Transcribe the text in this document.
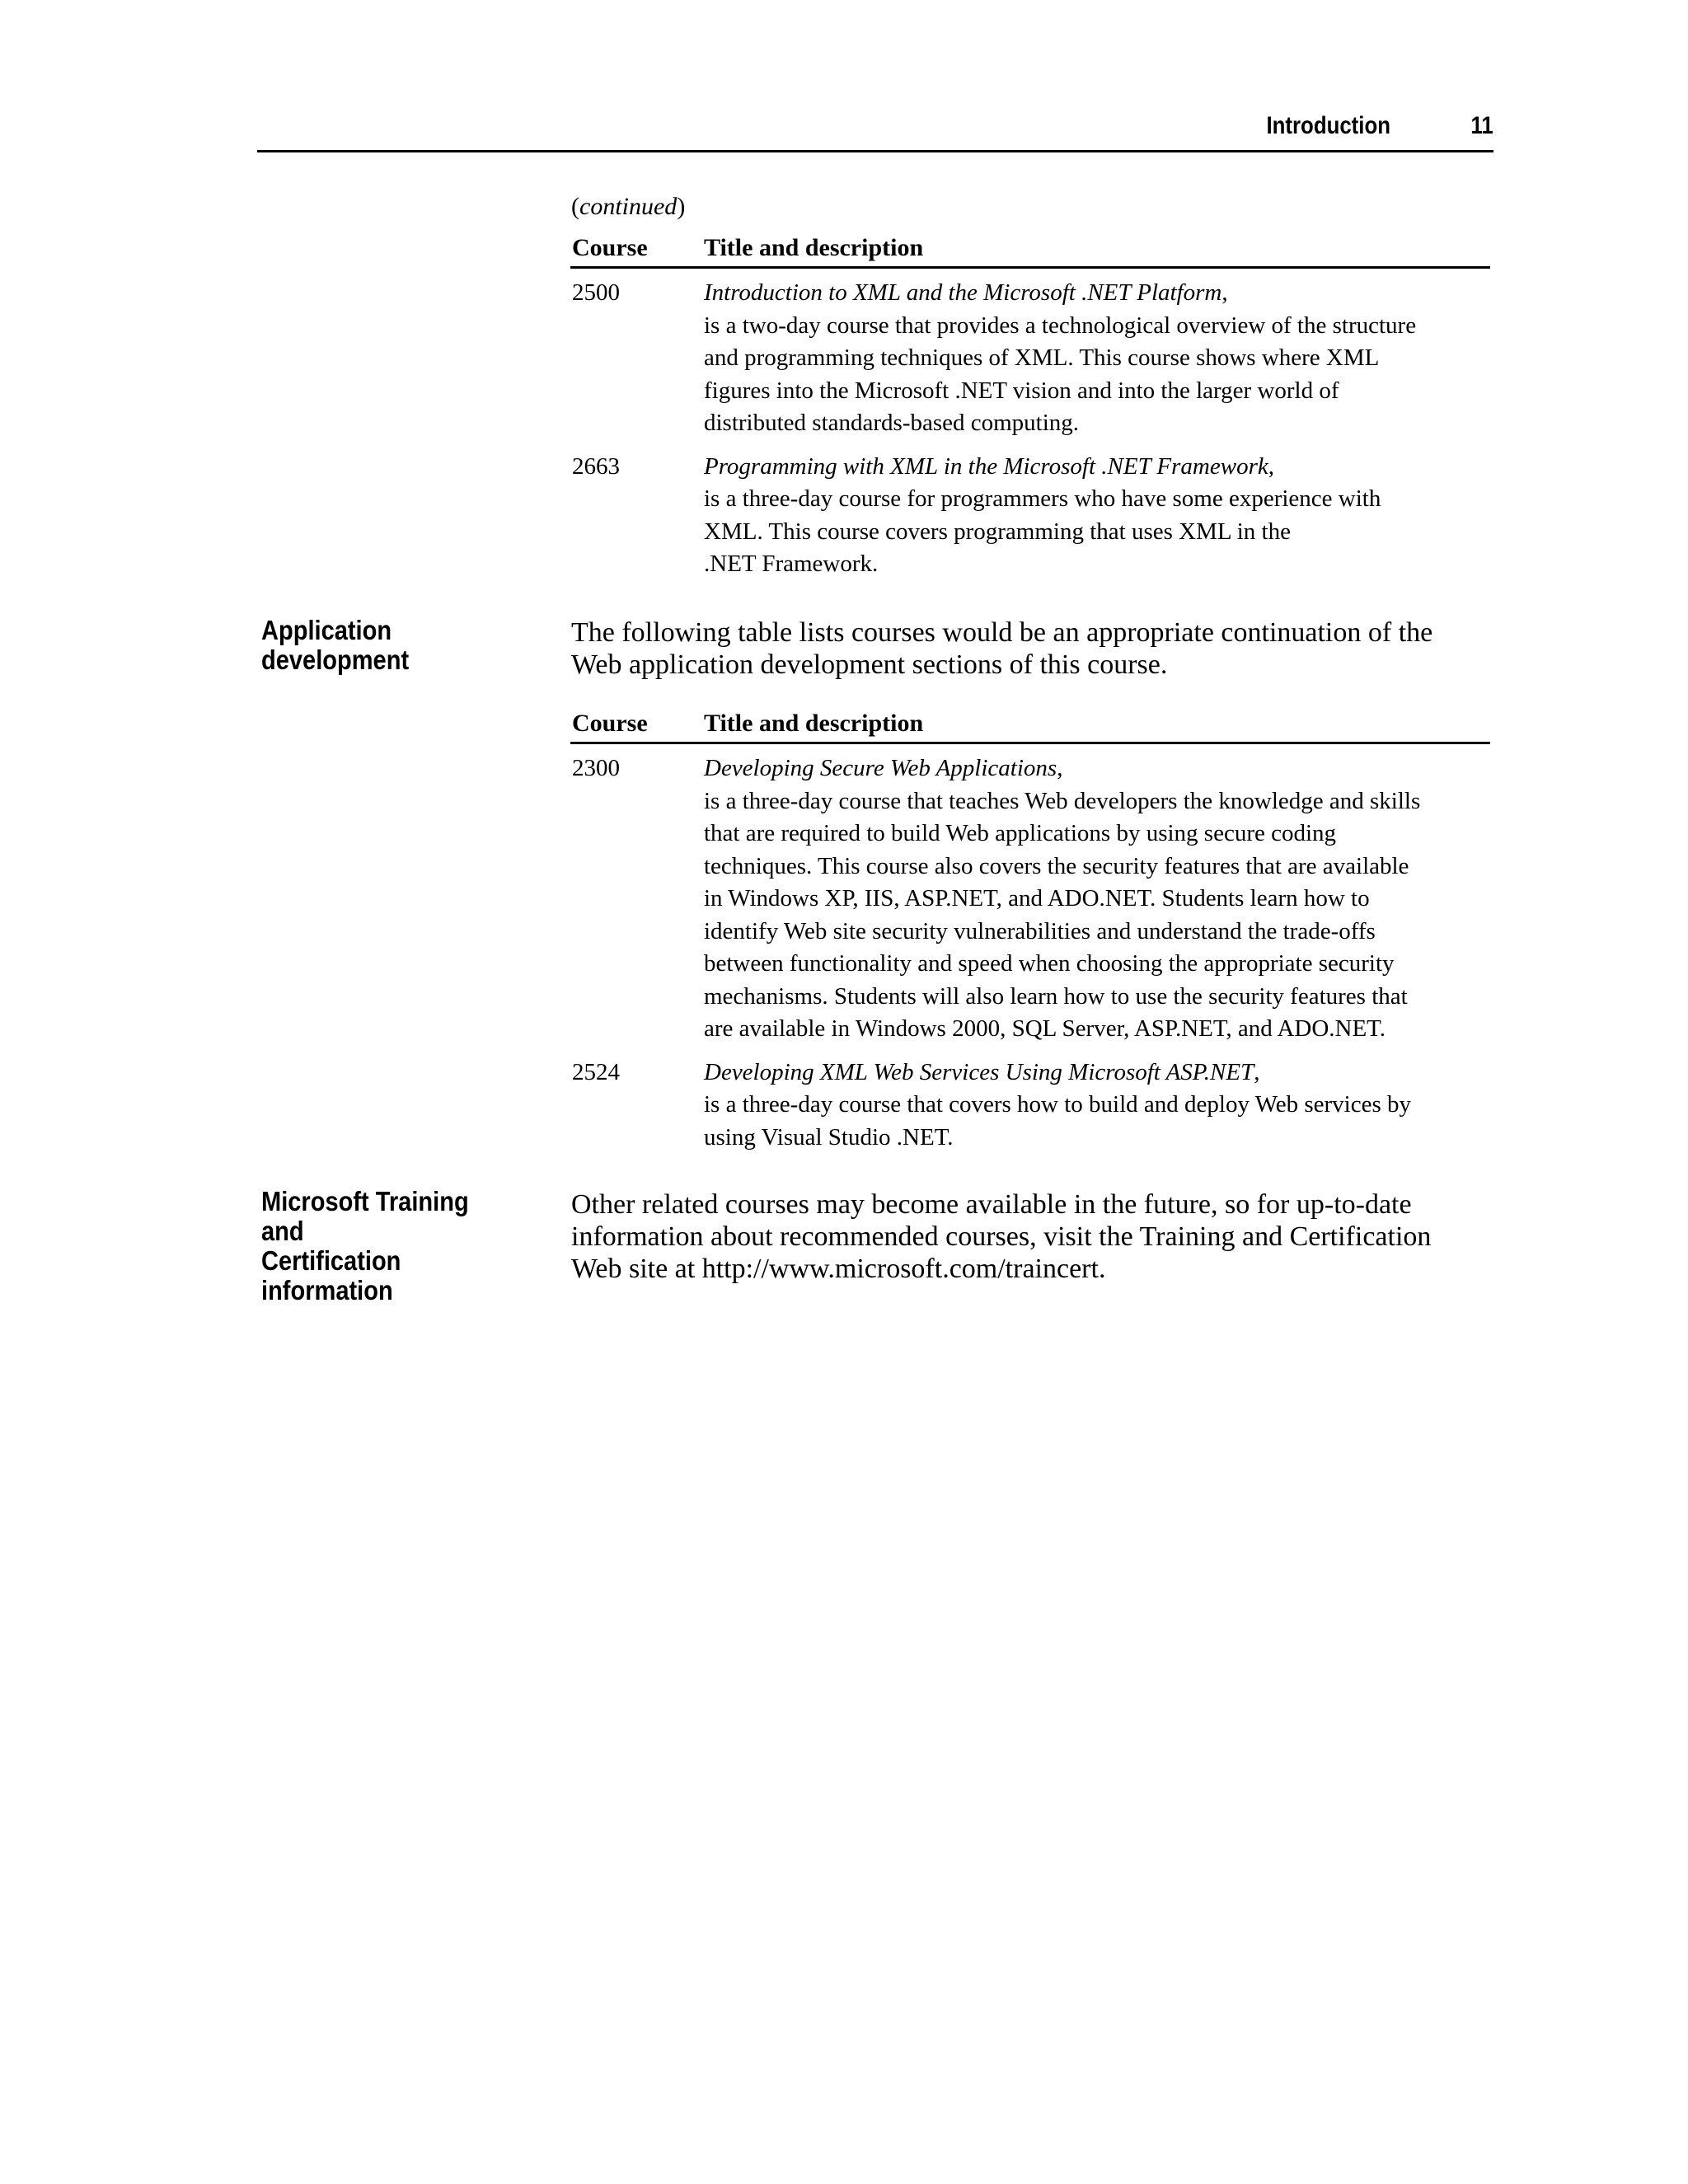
Introduction	11
(continued)
Course	Title and description
2500	Introduction to XML and the Microsoft .NET Platform,
is a two-day course that provides a technological overview of the structure
and programming techniques of XML. This course shows where XML
figures into the Microsoft .NET vision and into the larger world of
distributed standards-based computing.
2663	Programming with XML in the Microsoft .NET Framework,
is a three-day course for programmers who have some experience with
XML. This course covers programming that uses XML in the
.NET Framework.
Application
development
The following table lists courses would be an appropriate continuation of the
Web application development sections of this course.
Course	Title and description
2300	Developing Secure Web Applications,
is a three-day course that teaches Web developers the knowledge and skills
that are required to build Web applications by using secure coding
techniques. This course also covers the security features that are available
in Windows XP, IIS, ASP.NET, and ADO.NET. Students learn how to
identify Web site security vulnerabilities and understand the trade-offs
between functionality and speed when choosing the appropriate security
mechanisms. Students will also learn how to use the security features that
are available in Windows 2000, SQL Server, ASP.NET, and ADO.NET.
2524	Developing XML Web Services Using Microsoft ASP.NET,
is a three-day course that covers how to build and deploy Web services by
using Visual Studio .NET.
Microsoft Training and
Certification information
Other related courses may become available in the future, so for up-to-date
information about recommended courses, visit the Training and Certification
Web site at http://www.microsoft.com/traincert.
